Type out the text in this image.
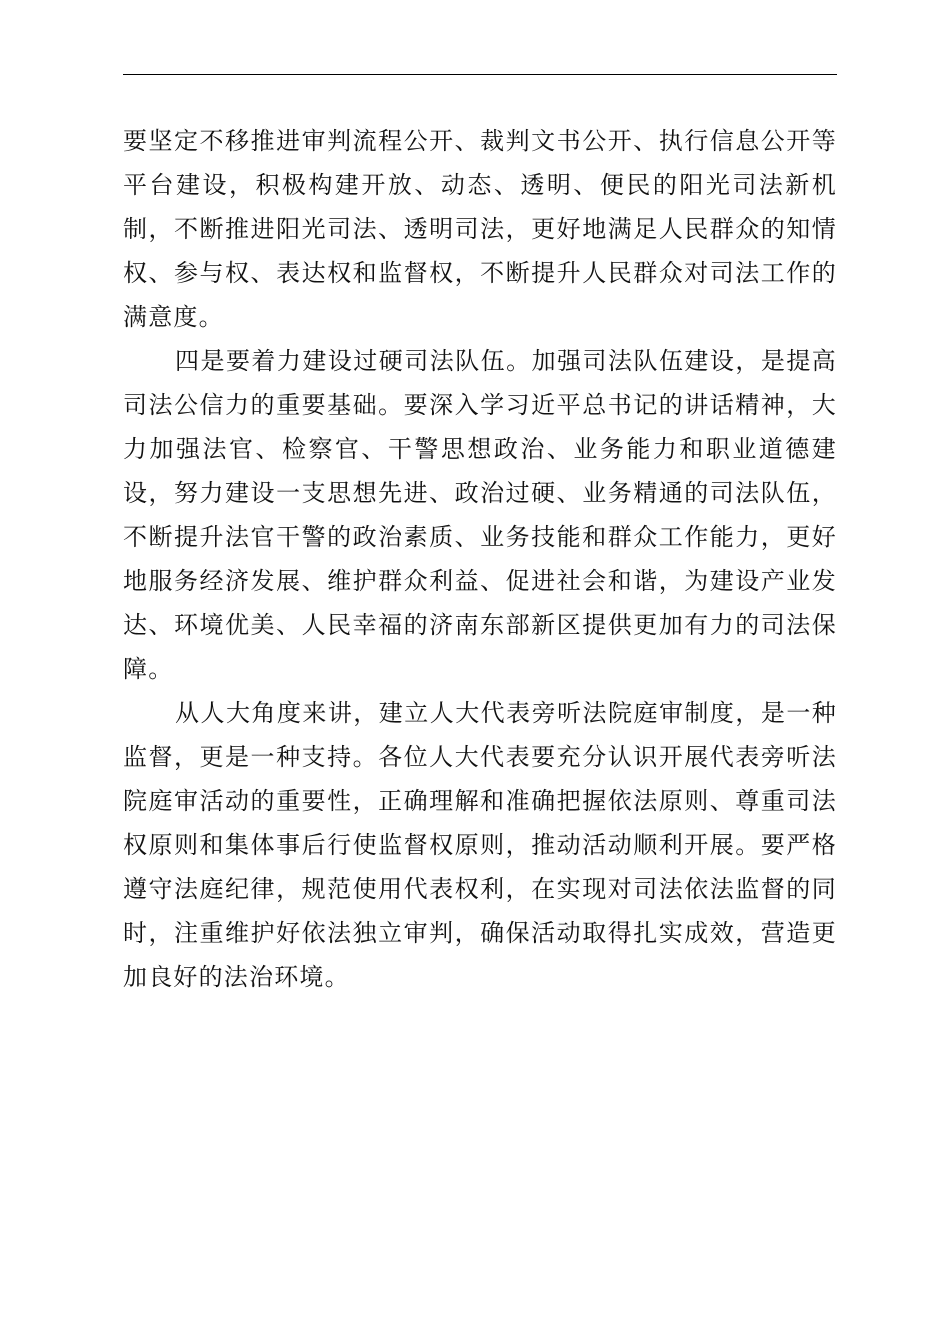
要坚定不移推进审判流程公开、裁判文书公开、执行信息公开等平台建设，积极构建开放、动态、透明、便民的阳光司法新机制，不断推进阳光司法、透明司法，更好地满足人民群众的知情权、参与权、表达权和监督权，不断提升人民群众对司法工作的满意度。

四是要着力建设过硬司法队伍。加强司法队伍建设，是提高司法公信力的重要基础。要深入学习近平总书记的讲话精神，大力加强法官、检察官、干警思想政治、业务能力和职业道德建设，努力建设一支思想先进、政治过硬、业务精通的司法队伍，不断提升法官干警的政治素质、业务技能和群众工作能力，更好地服务经济发展、维护群众利益、促进社会和谐，为建设产业发达、环境优美、人民幸福的济南东部新区提供更加有力的司法保障。

从人大角度来讲，建立人大代表旁听法院庭审制度，是一种监督，更是一种支持。各位人大代表要充分认识开展代表旁听法院庭审活动的重要性，正确理解和准确把握依法原则、尊重司法权原则和集体事后行使监督权原则，推动活动顺利开展。要严格遵守法庭纪律，规范使用代表权利，在实现对司法依法监督的同时，注重维护好依法独立审判，确保活动取得扎实成效，营造更加良好的法治环境。
